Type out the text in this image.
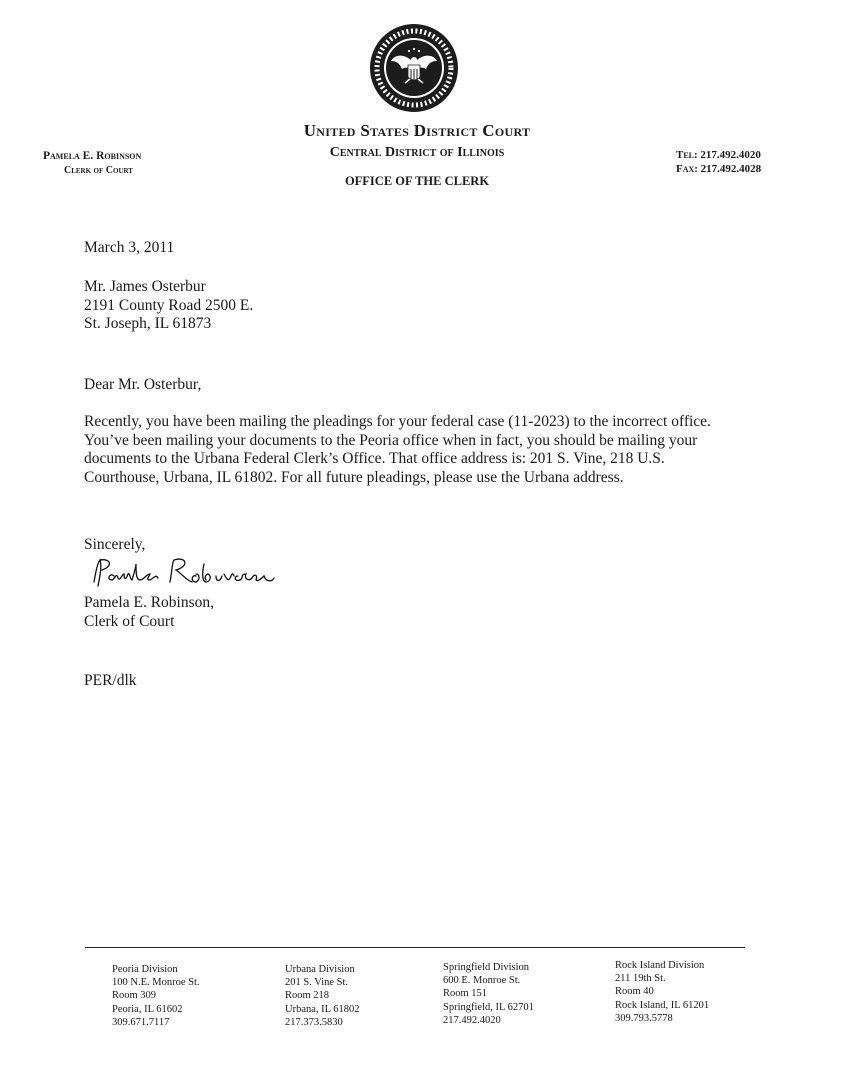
United States District Court
Central District of Illinois
OFFICE OF THE CLERK
Pamela E. Robinson
Clerk of Court
Tel: 217.492.4020
Fax: 217.492.4028
March 3, 2011
Mr. James Osterbur
2191 County Road 2500 E.
St. Joseph, IL 61873
Dear Mr. Osterbur,

Recently, you have been mailing the pleadings for your federal case (11-2023) to the incorrect office. You’ve been mailing your documents to the Peoria office when in fact, you should be mailing your documents to the Urbana Federal Clerk’s Office. That office address is: 201 S. Vine, 218 U.S. Courthouse, Urbana, IL 61802. For all future pleadings, please use the Urbana address.

Sincerely,
Pamela E. Robinson,
Clerk of Court
PER/dlk
Peoria Division
100 N.E. Monroe St.
Room 309
Peoria, IL 61602
309.671.7117
Urbana Division
201 S. Vine St.
Room 218
Urbana, IL 61802
217.373.5830
Springfield Division
600 E. Monroe St.
Room 151
Springfield, IL 62701
217.492.4020
Rock Island Division
211 19th St.
Room 40
Rock Island, IL 61201
309.793.5778
